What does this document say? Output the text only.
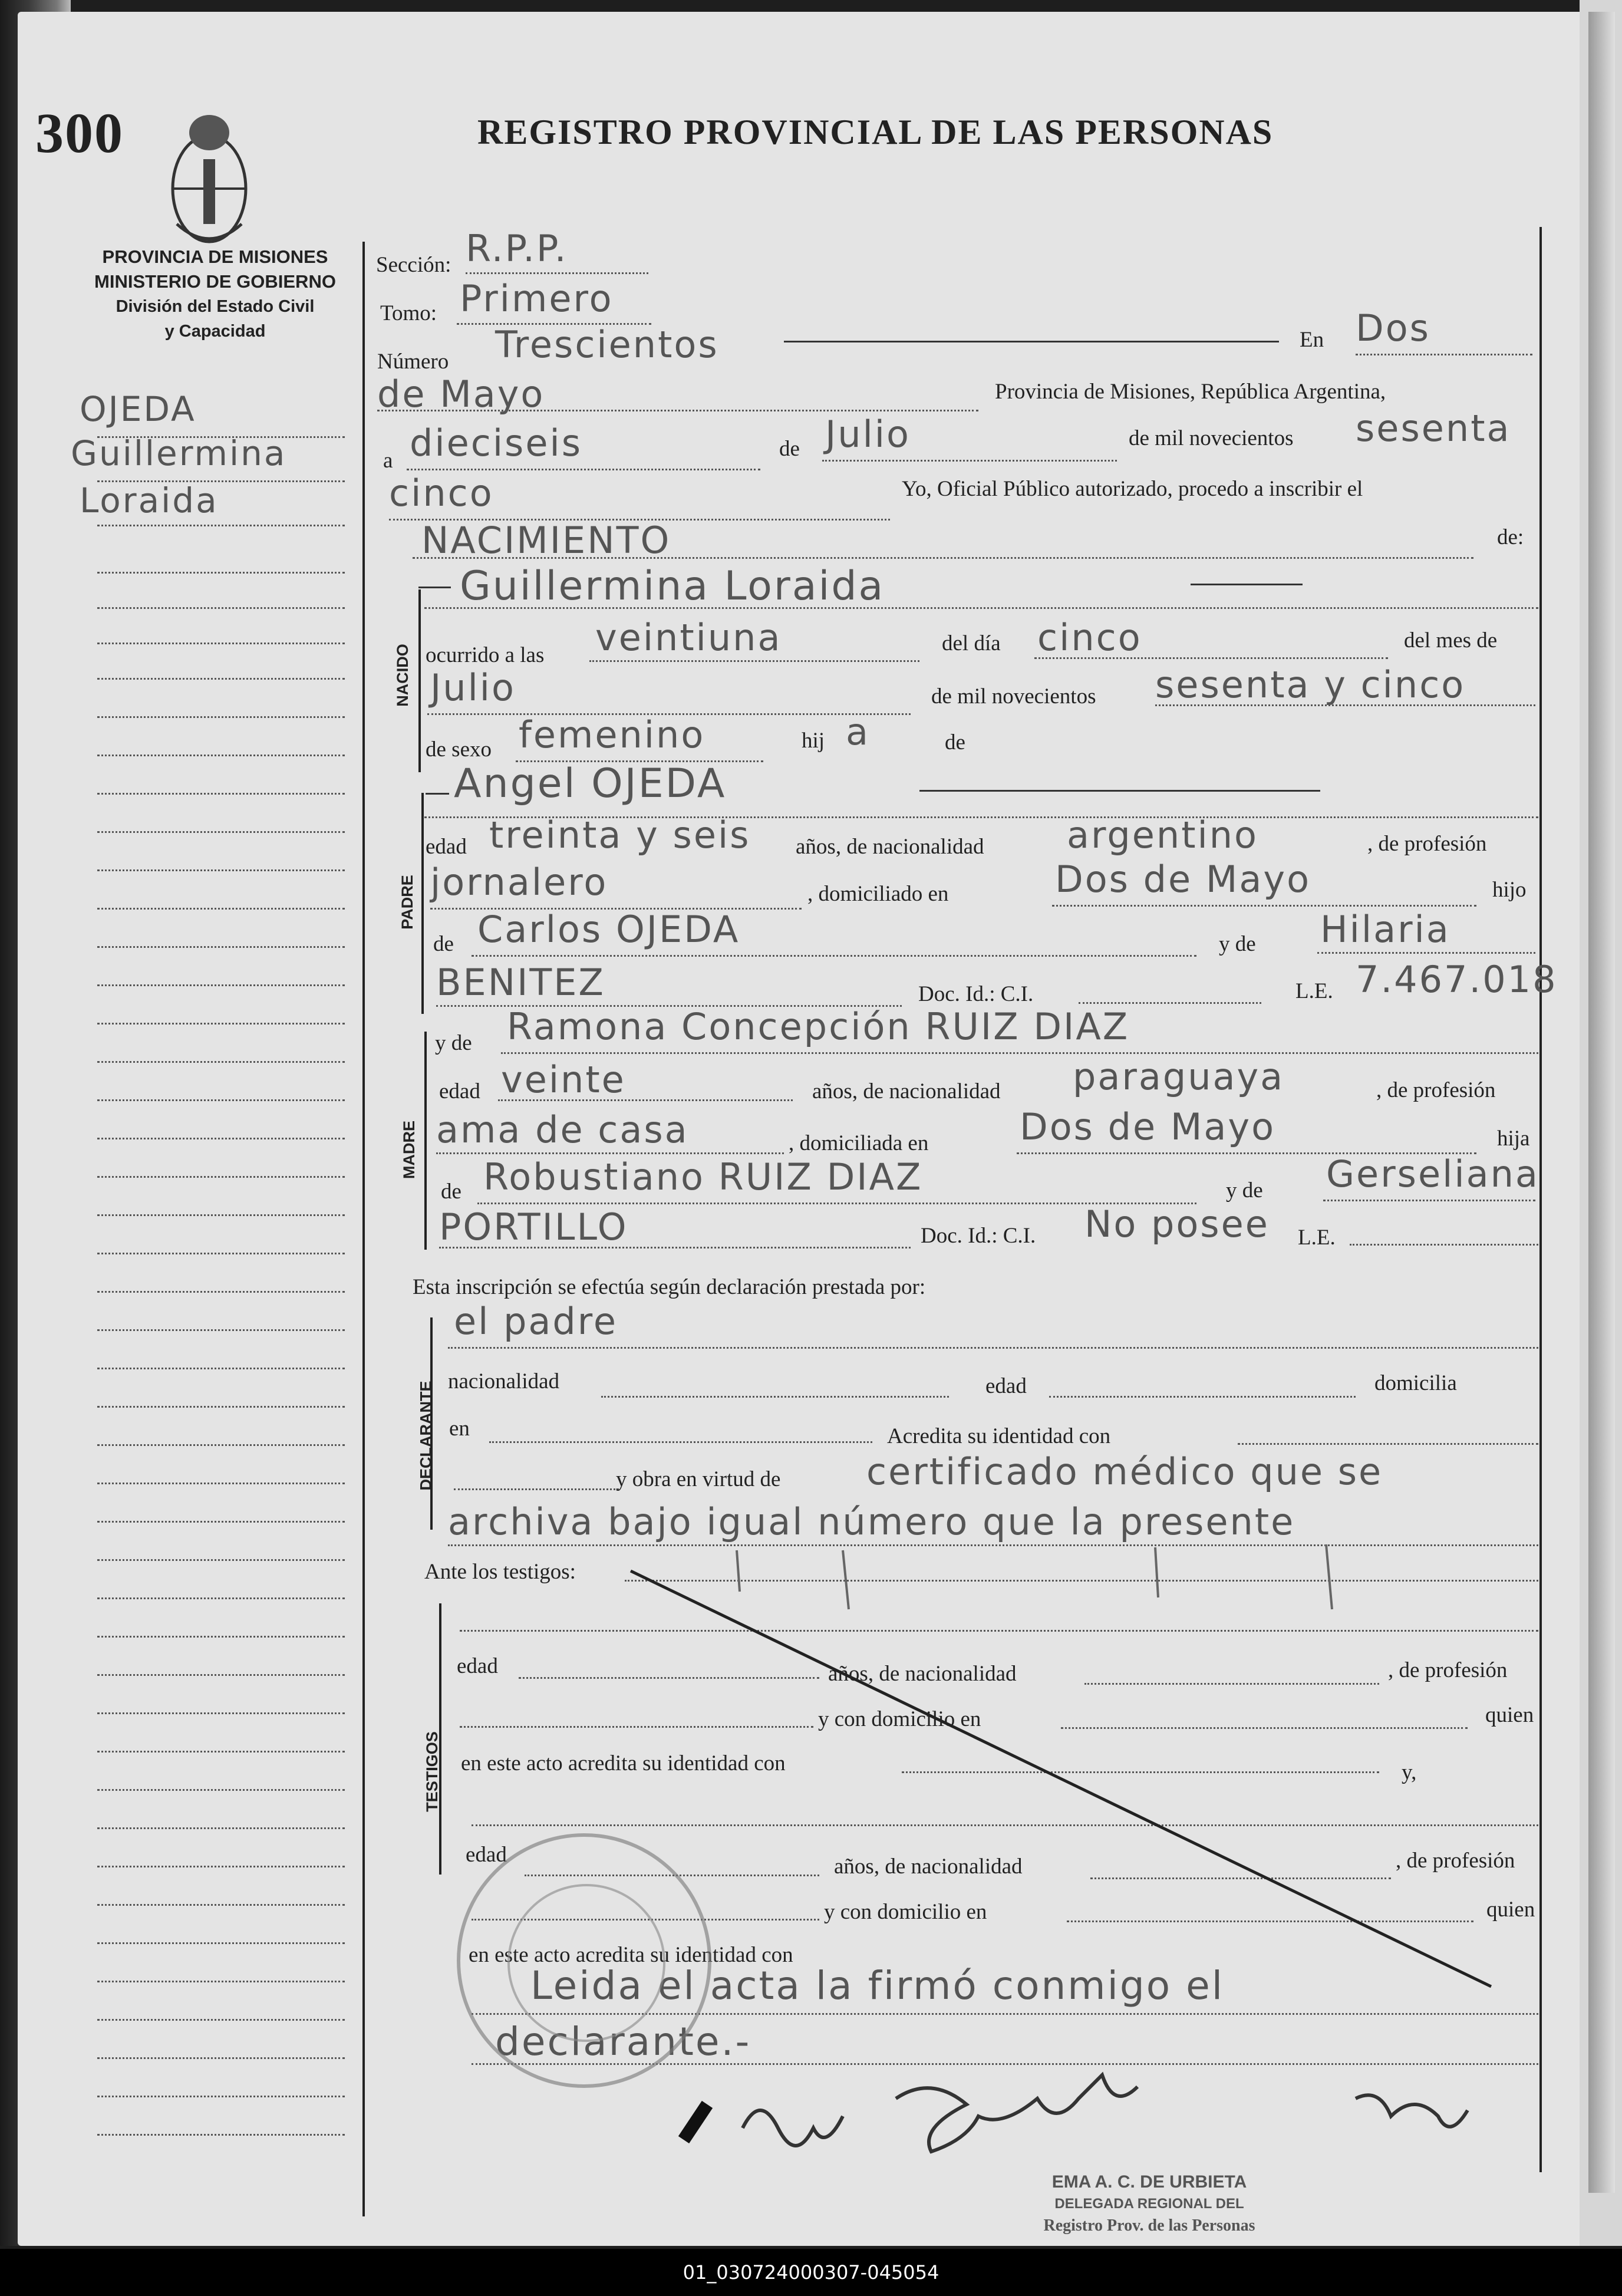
300	REGISTRO PROVINCIAL DE LAS PERSONAS
PROVINCIA DE MISIONES
MINISTERIO DE GOBIERNO
División del Estado Civil
y Capacidad
OJEDA
Guillermina
Loraida
NACIDO
PADRE
MADRE
DECLARANTE
TESTIGOS
Sección: R.P.P.
Tomo: Primero
Número Trescientos	En Dos
de Mayo	Provincia de Misiones, República Argentina,
a dieciseis	de Julio	de mil novecientos sesenta
cinco	Yo, Oficial Público autorizado, procedo a inscribir el
NACIMIENTO	de:
Guillermina Loraida
ocurrido a las veintiuna	del día cinco	del mes de
Julio	de mil novecientos sesenta y cinco
de sexo femenino	hij a	de
Angel OJEDA
edad treinta y seis años, de nacionalidad argentino	, de profesión
jornalero	, domiciliado en	Dos de Mayo	hijo
de Carlos OJEDA	y de Hilaria
BENITEZ	Doc. Id.: C.I.	L.E. 7.467.018
y de Ramona Concepción RUIZ DIAZ
edad veinte	años, de nacionalidad paraguaya	, de profesión
ama de casa	, domiciliada en Dos de Mayo	hija
de Robustiano RUIZ DIAZ	y de Gerseliana
PORTILLO	Doc. Id.: C.I. No posee L.E.
Esta inscripción se efectúa según declaración prestada por:
el padre
nacionalidad	edad	domicilia
en	Acredita su identidad con
y obra en virtud de certificado médico que se
archiva bajo igual número que la presente
Ante los testigos:
edad	años, de nacionalidad	, de profesión
y con domicilio en	quien
en este acto acredita su identidad con	y,
edad	años, de nacionalidad	, de profesión
y con domicilio en	quien
en este acto acredita su identidad con
Leida el acta la firmó conmigo el
declarante.-
EMA A. C. DE URBIETA
DELEGADA REGIONAL DEL
Registro Prov. de las Personas
01_030724000307-045054
